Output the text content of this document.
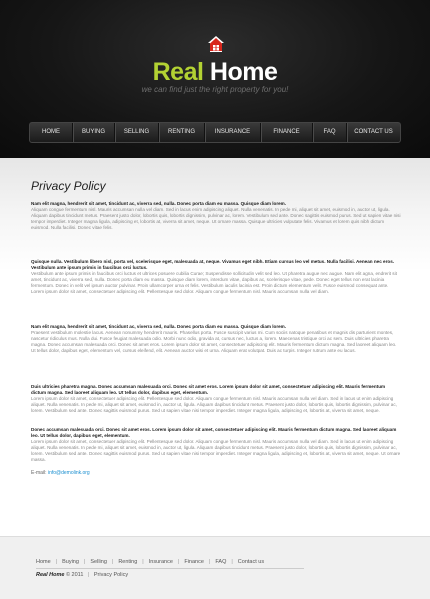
Real Home
we can find just the right property for you!
HOME	BUYING	SELLING	RENTING	INSURANCE	FINANCE	FAQ	CONTACT US
Privacy Policy
Nam elit magna, hendrerit sit amet, tincidunt ac, viverra sed, nulla. Donec porta diam eu massa. Quisque diam lorem.
Aliquam congue fermentum nisl. Mauris accumsan nulla vel diam. Sed in lacus enim adipiscing aliquet. Nulla venenatis. In pede mi, aliquet sit amet, euismod in, auctor ut, ligula. Aliquam dapibus tincidunt metus. Praesent justo dolor, lobortis quis, lobortis dignissim, pulvinar ac, lorem. Vestibulum sed ante. Donec sagittis euismod purus. Sed ut sapien vitae nisi tempor imperdiet. Integer magna ligula, adipiscing et, lobortis at, viverra sit amet, neque. Ut ornare massa. Quisque ultricies vulputate felis. Vivamus et lorem quis nibh dictum euismod. Nulla facilisi. Donec vitae felis.
Quisque nulla. Vestibulum libero nisl, porta vel, scelerisque eget, malesuada at, neque. Vivamus eget nibh. Etiam cursus leo vel metus. Nulla facilisi. Aenean nec eros. Vestibulum ante ipsum primis in faucibus orci luctus.
Vestibulum ante ipsum primis in faucibus orci luctus et ultrices posuere cubilia Curae; Suspendisse sollicitudin velit sed leo. Ut pharetra augue nec augue. Nam elit agna, endrerit sit amet, tincidunt ac, viverra sed, nulla. Donec porta diam eu massa. Quisque diam lorem, interdum vitae, dapibus ac, scelerisque vitae, pede. Donec eget tellus non erat lacinia fermentum. Donec in velit vel ipsum auctor pulvinar. Proin ullamcorper urna et felis. Vestibulum iaculis lacinia est. Proin dictum elementum velit. Fusce euismod consequat ante. Lorem ipsum dolor sit amet, consectetuer adipiscing elit. Pellentesque sed dolor. Aliquam congue fermentum nisl. Mauris accumsan nulla vel diam.
Nam elit magna, hendrerit sit amet, tincidunt ac, viverra sed, nulla. Donec porta diam eu massa. Quisque diam lorem.
Praesent vestibulum molestie lacus. Aenean nonummy hendrerit mauris. Phasellus porta. Fusce suscipit varius mi. Cum sociis natoque penatibus et magnis dis parturient montes, nascetur ridiculus mus. Nulla dui. Fusce feugiat malesuada odio. Morbi nunc odio, gravida at, cursus nec, luctus a, lorem. Maecenas tristique orci ac sem. Duis ultricies pharetra magna. Donec accumsan malesuada orci. Donec sit amet eros. Lorem ipsum dolor sit amet, consectetuer adipiscing elit. Mauris fermentum dictum magna. Sed laoreet aliquam leo. Ut tellus dolor, dapibus eget, elementum vel, cursus eleifend, elit. Aenean auctor wisi et urna. Aliquam erat volutpat. Duis ac turpis. Integer rutrum ante eu lacus.
Duis ultricies pharetra magna. Donec accumsan malesuada orci. Donec sit amet eros. Lorem ipsum dolor sit amet, consectetuer adipiscing elit. Mauris fermentum dictum magna. Sed laoreet aliquam leo. Ut tellus dolor, dapibus eget, elementum.
Lorem ipsum dolor sit amet, consectetuer adipiscing elit. Pellentesque sed dolor. Aliquam congue fermentum nisl. Mauris accumsan nulla vel diam. Sed in lacus ut enim adipiscing aliquet. Nulla venenatis. In pede mi, aliquet sit amet, euismod in, auctor ut, ligula. Aliquam dapibus tincidunt metus. Praesent justo dolor, lobortis quis, lobortis dignissim, pulvinar ac, lorem. Vestibulum sed ante. Donec sagittis euismod purus. Sed ut sapien vitae nisi tempor imperdiet. Integer magna ligula, adipiscing et, lobortis at, viverra sit amet, neque.
Donec accumsan malesuada orci. Donec sit amet eros. Lorem ipsum dolor sit amet, consectetuer adipiscing elit. Mauris fermentum dictum magna. Sed laoreet aliquam leo. Ut tellus dolor, dapibus eget, elementum.
Lorem ipsum dolor sit amet, consectetuer adipiscing elit. Pellentesque sed dolor. Aliquam congue fermentum nisl. Mauris accumsan nulla vel diam. Sed in lacus ut enim adipiscing aliquet. Nulla venenatis. In pede mi, aliquet sit amet, euismod in, auctor ut, ligula. Aliquam dapibus tincidunt metus. Praesent justo dolor, lobortis quis, lobortis dignissim, pulvinar ac, lorem. Vestibulum sed ante. Donec sagittis euismod purus. Sed ut sapien vitae nisi tempor imperdiet. Integer magna ligula, adipiscing et, lobortis at, viverra sit amet, neque. Ut ornare massa.
E-mail: info@demolink.org
Home | Buying | Selling | Renting | Insurance | Finance | FAQ | Contact us
Real Home © 2011 | Privacy Policy
